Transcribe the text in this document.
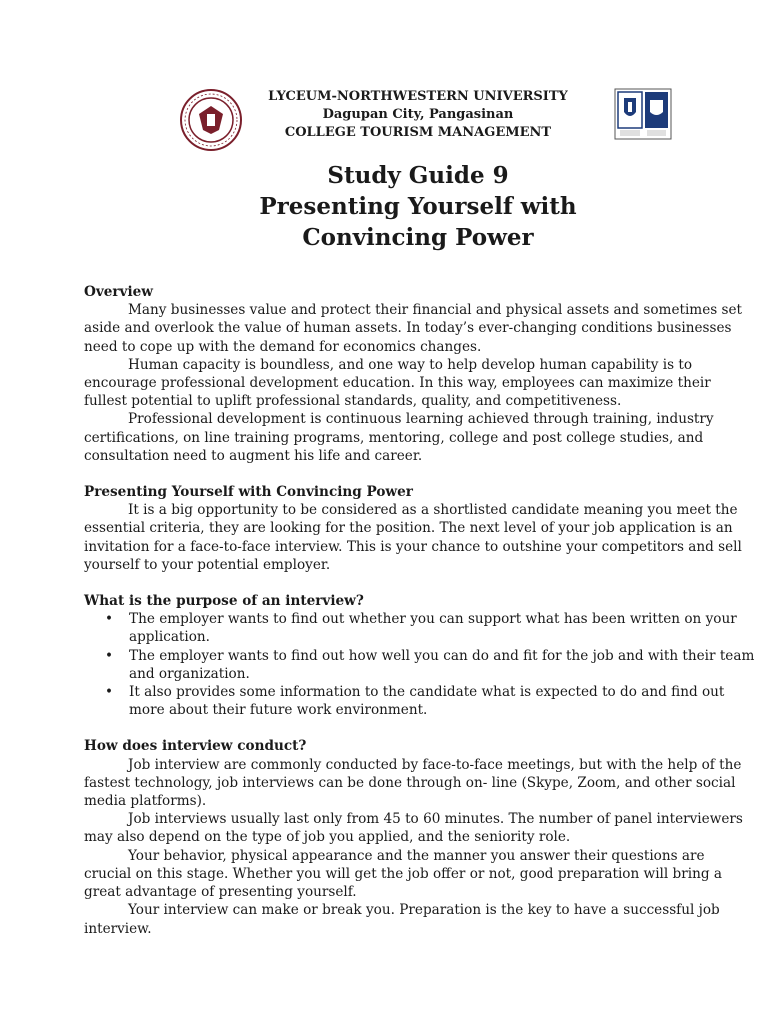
LYCEUM-NORTHWESTERN UNIVERSITY
Dagupan City, Pangasinan
COLLEGE TOURISM MANAGEMENT
Study Guide 9
Presenting Yourself with
Convincing Power
Overview

Many businesses value and protect their financial and physical assets and sometimes set aside and overlook the value of human assets. In today’s ever-changing conditions businesses need to cope up with the demand for economics changes.

Human capacity is boundless, and one way to help develop human capability is to encourage professional development education. In this way, employees can maximize their fullest potential to uplift professional standards, quality, and competitiveness.

Professional development is continuous learning achieved through training, industry certifications, on line training programs, mentoring, college and post college studies, and consultation need to augment his life and career.

Presenting Yourself with Convincing Power

It is a big opportunity to be considered as a shortlisted candidate meaning you meet the essential criteria, they are looking for the position. The next level of your job application is an invitation for a face-to-face interview. This is your chance to outshine your competitors and sell yourself to your potential employer.

What is the purpose of an interview?
• The employer wants to find out whether you can support what has been written on your application.
• The employer wants to find out how well you can do and fit for the job and with their team and organization.
• It also provides some information to the candidate what is expected to do and find out more about their future work environment.
How does interview conduct?

Job interview are commonly conducted by face-to-face meetings, but with the help of the fastest technology, job interviews can be done through on- line (Skype, Zoom, and other social media platforms).

Job interviews usually last only from 45 to 60 minutes. The number of panel interviewers may also depend on the type of job you applied, and the seniority role.

Your behavior, physical appearance and the manner you answer their questions are crucial on this stage. Whether you will get the job offer or not, good preparation will bring a great advantage of presenting yourself.

Your interview can make or break you. Preparation is the key to have a successful job interview.
